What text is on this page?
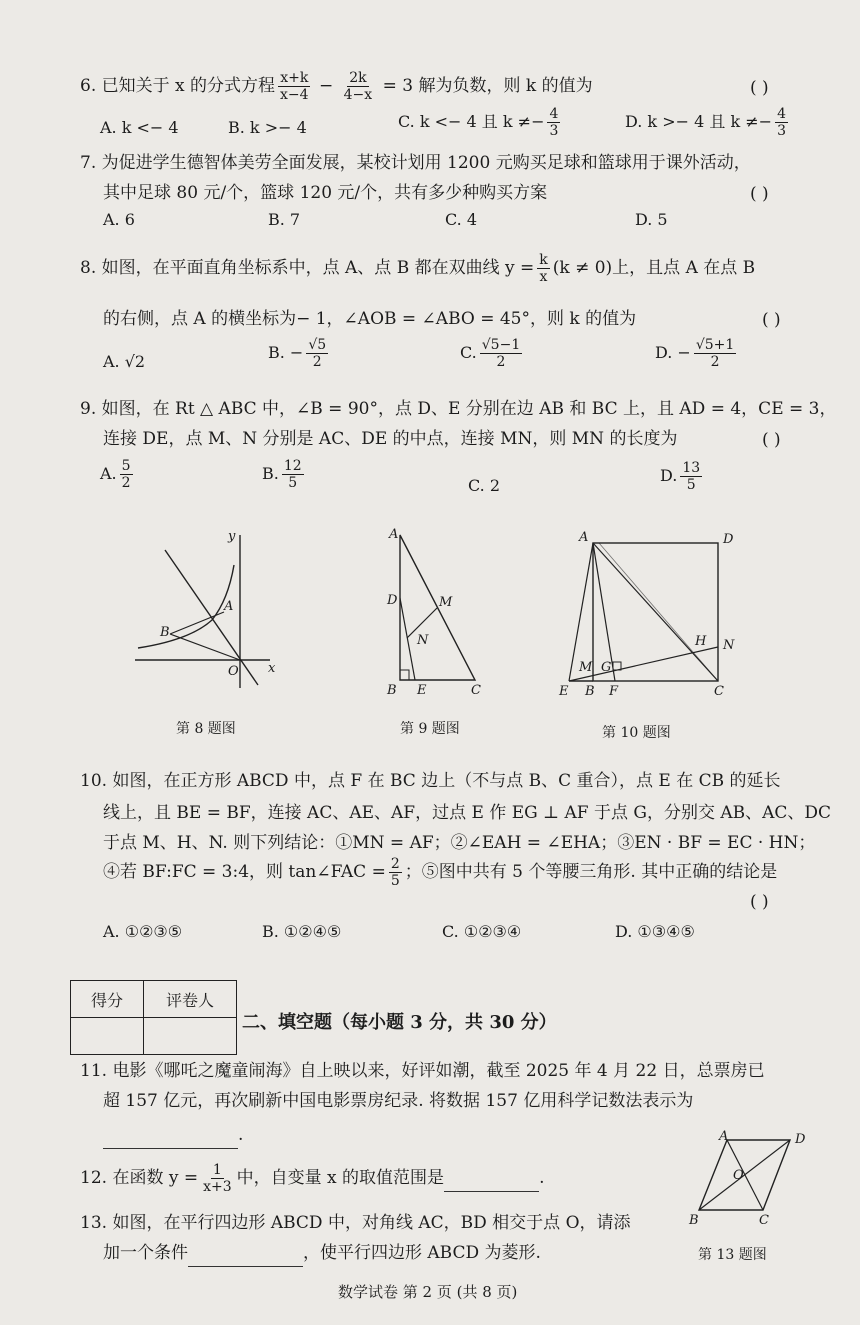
6. 已知关于 x 的分式方程 $\frac{x+k}{x-4} - \frac{2k}{4-x} = 3$ 解为负数，则 k 的值为	( )
A. k <− 4	B. k >− 4	C. k <− 4 且 $k \ne- \frac{4}{3}$	D. k >− 4 且 $k \ne- \frac{4}{3}$
7. 为促进学生德智体美劳全面发展，某校计划用 1200 元购买足球和篮球用于课外活动，
其中足球 80 元/个，篮球 120 元/个，共有多少种购买方案	( )
A. 6	B. 7	C. 4	D. 5
8. 如图，在平面直角坐标系中，点 A、点 B 都在双曲线 $y = \frac{k}{x} (k \ne 0)$上，且点 A 在点 B
的右侧，点 A 的横坐标为− 1，∠AOB = ∠ABO = 45°，则 k 的值为	( )
A. √2	B. − $\frac{√5}{2}$	C. $\frac{√5-1}{2}$	D. − $\frac{√5+1}{2}$
9. 如图，在 Rt △ ABC 中，∠B = 90°，点 D、E 分别在边 AB 和 BC 上，且 AD = 4，CE = 3，
连接 DE，点 M、N 分别是 AC、DE 的中点，连接 MN，则 MN 的长度为	( )
A. $\frac{5}{2}$	B. $\frac{12}{5}$	C. 2
D. $\frac{13}{5}$
y
A
B
O x
第 8 题图
A
D	M
N
B E	C
第 9 题图
A	D
H N
M G
E B F	C
第 10 题图
10. 如图，在正方形 ABCD 中，点 F 在 BC 边上（不与点 B、C 重合），点 E 在 CB 的延长
线上，且 BE = BF，连接 AC、AE、AF，过点 E 作 EG ⊥ AF 于点 G，分别交 AB、AC、DC
于点 M、H、N. 则下列结论：①MN = AF；②∠EAH = ∠EHA；③EN · BF = EC · HN；
④若 BF:FC = 3:4，则 tan∠FAC = $\frac{2}{5}$ ；⑤图中共有 5 个等腰三角形. 其中正确的结论是
( )
A. ①②③⑤	B. ①②④⑤	C. ①②③④	D. ①③④⑤
得分	评卷人

二、填空题（每小题 3 分，共 30 分）
11. 电影《哪吒之魔童闹海》自上映以来，好评如潮，截至 2025 年 4 月 22 日，总票房已
超 157 亿元，再次刷新中国电影票房纪录. 将数据 157 亿用科学记数法表示为
.	A	D
O
B	C
12. 在函数 $y = \frac{1}{x+3}$ 中，自变量 x 的取值范围是	.
13. 如图，在平行四边形 ABCD 中，对角线 AC，BD 相交于点 O，请添
加一个条件	，使平行四边形 ABCD 为菱形.	第 13 题图
数学试卷 第 2 页 (共 8 页)
